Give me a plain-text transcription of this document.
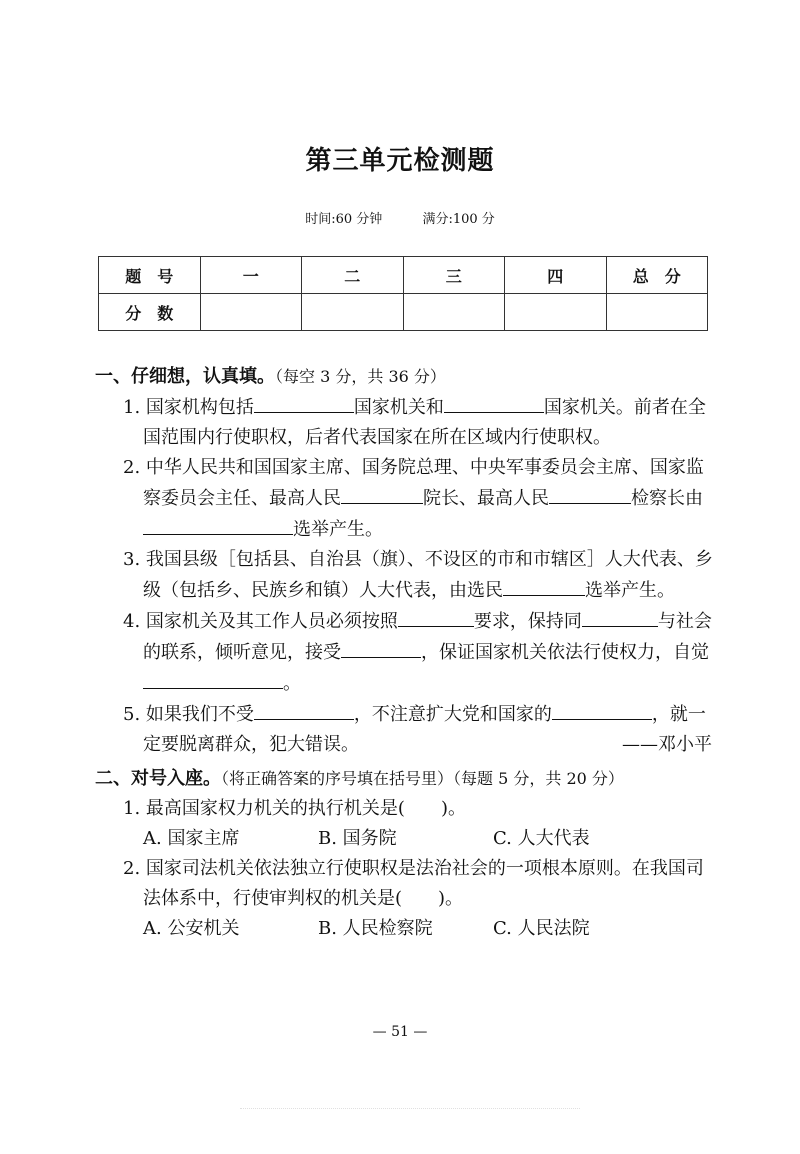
第三单元检测题
时间:60 分钟	满分:100 分
题　号	一	二	三	四	总　分
分　数					
一、仔细想，认真填。（每空 3 分，共 36 分）
1. 国家机构包括	国家机关和	国家机关。前者在全国范围内行使职权，后者代表国家在所在区域内行使职权。
2. 中华人民共和国国家主席、国务院总理、中央军事委员会主席、国家监察委员会主任、最高人民	院长、最高人民	检察长由选举产生。
3. 我国县级［包括县、自治县（旗）、不设区的市和市辖区］人大代表、乡级（包括乡、民族乡和镇）人大代表，由选民	选举产生。
4. 国家机关及其工作人员必须按照	要求，保持同	与社会的联系，倾听意见，接受	，保证国家机关依法行使权力，自觉。
5. 如果我们不受	，不注意扩大党和国家的	，就一定要脱离群众，犯大错误。	——邓小平
二、对号入座。（将正确答案的序号填在括号里）（每题 5 分，共 20 分）
1. 最高国家权力机关的执行机关是(　　)。
A. 国家主席	B. 国务院	C. 人大代表
2. 国家司法机关依法独立行使职权是法治社会的一项根本原则。在我国司法体系中，行使审判权的机关是(　　)。
A. 公安机关	B. 人民检察院	C. 人民法院
— 51 —
